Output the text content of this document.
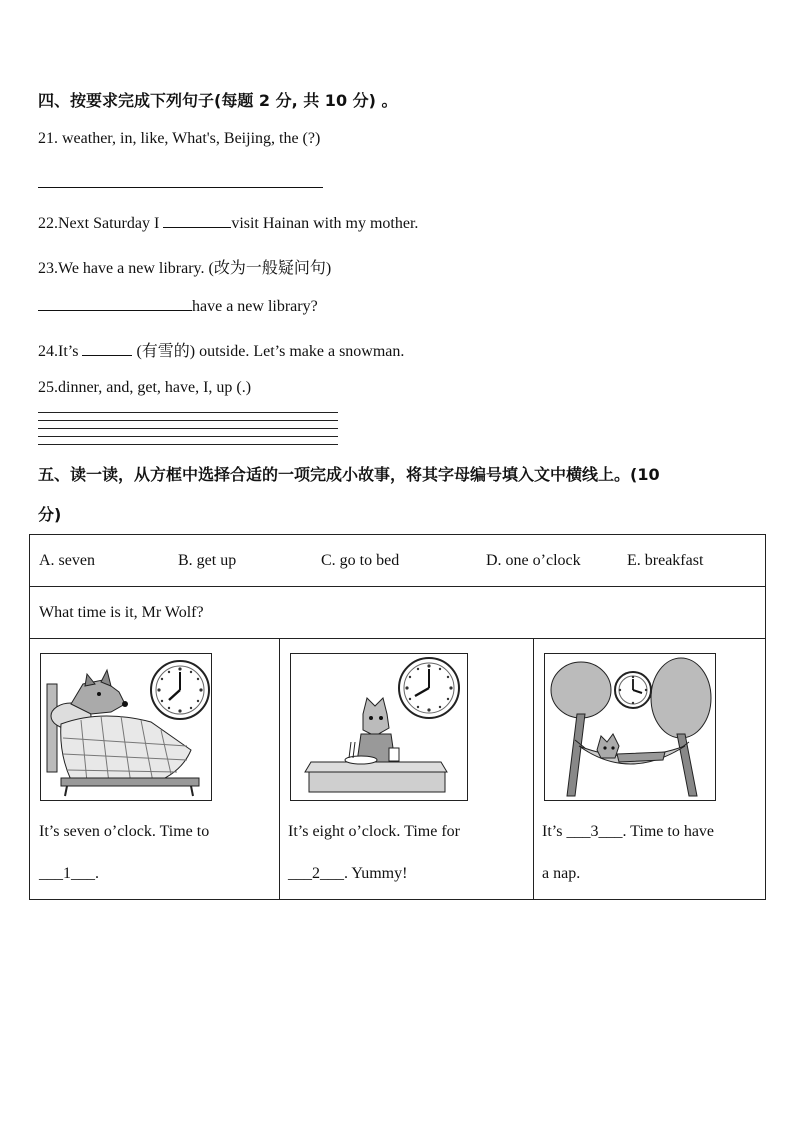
四、按要求完成下列句子(每题 2 分, 共 10 分) 。
21. weather, in, like, What's, Beijing, the (?)
22.Next Saturday I	visit Hainan with my mother.
23.We have a new library. (改为一般疑问句)
have a new library?
24.It’s	(有雪的) outside. Let’s make a snowman.
25.dinner, and, get, have, I, up (.)
五、读一读，从方框中选择合适的一项完成小故事，将其字母编号填入文中横线上。(10
分)
A. seven	B. get up	C. go to bed	D. one o’clock	E. breakfast

What time is it, Mr Wolf?

It’s seven o’clock. Time to
___1___.

It’s eight o’clock. Time for
___2___. Yummy!

It’s ___3___. Time to have
a nap.
